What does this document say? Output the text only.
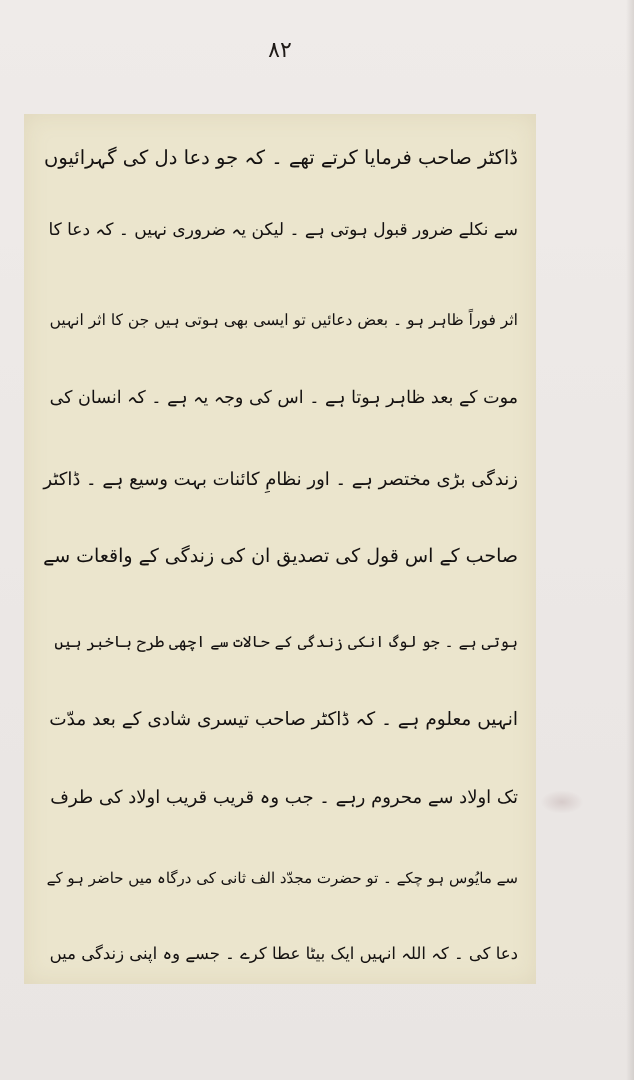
۸۲
ڈاکٹر صاحب فرمایا کرتے تھے ۔ کہ جو دعا دل کی گہرائیوں
سے نکلے ضرور قبول ہوتی ہے ۔ لیکن یہ ضروری نہیں ۔ کہ دعا کا
اثر فوراً ظاہر ہو ۔ بعض دعائیں تو ایسی بھی ہوتی ہیں جن کا اثر انہیں
موت کے بعد ظاہر ہوتا ہے ۔ اس کی وجہ یہ ہے ۔ کہ انسان کی
زندگی بڑی مختصر ہے ۔ اور نظامِ کائنات بہت وسیع ہے ۔ ڈاکٹر
صاحب کے اس قول کی تصدیق ان کی زندگی کے واقعات سے
ہوتی ہے ۔ جو لوگ انکی زندگی کے حالات سے اچھی طرح باخبر ہیں
انہیں معلوم ہے ۔ کہ ڈاکٹر صاحب تیسری شادی کے بعد مدّت
تک اولاد سے محروم رہے ۔ جب وہ قریب قریب اولاد کی طرف
سے مایُوس ہو چکے ۔ تو حضرت مجدّد الف ثانی کی درگاہ میں حاضر ہو کے
دعا کی ۔ کہ اللہ انہیں ایک بیٹا عطا کرے ۔ جسے وہ اپنی زندگی میں
